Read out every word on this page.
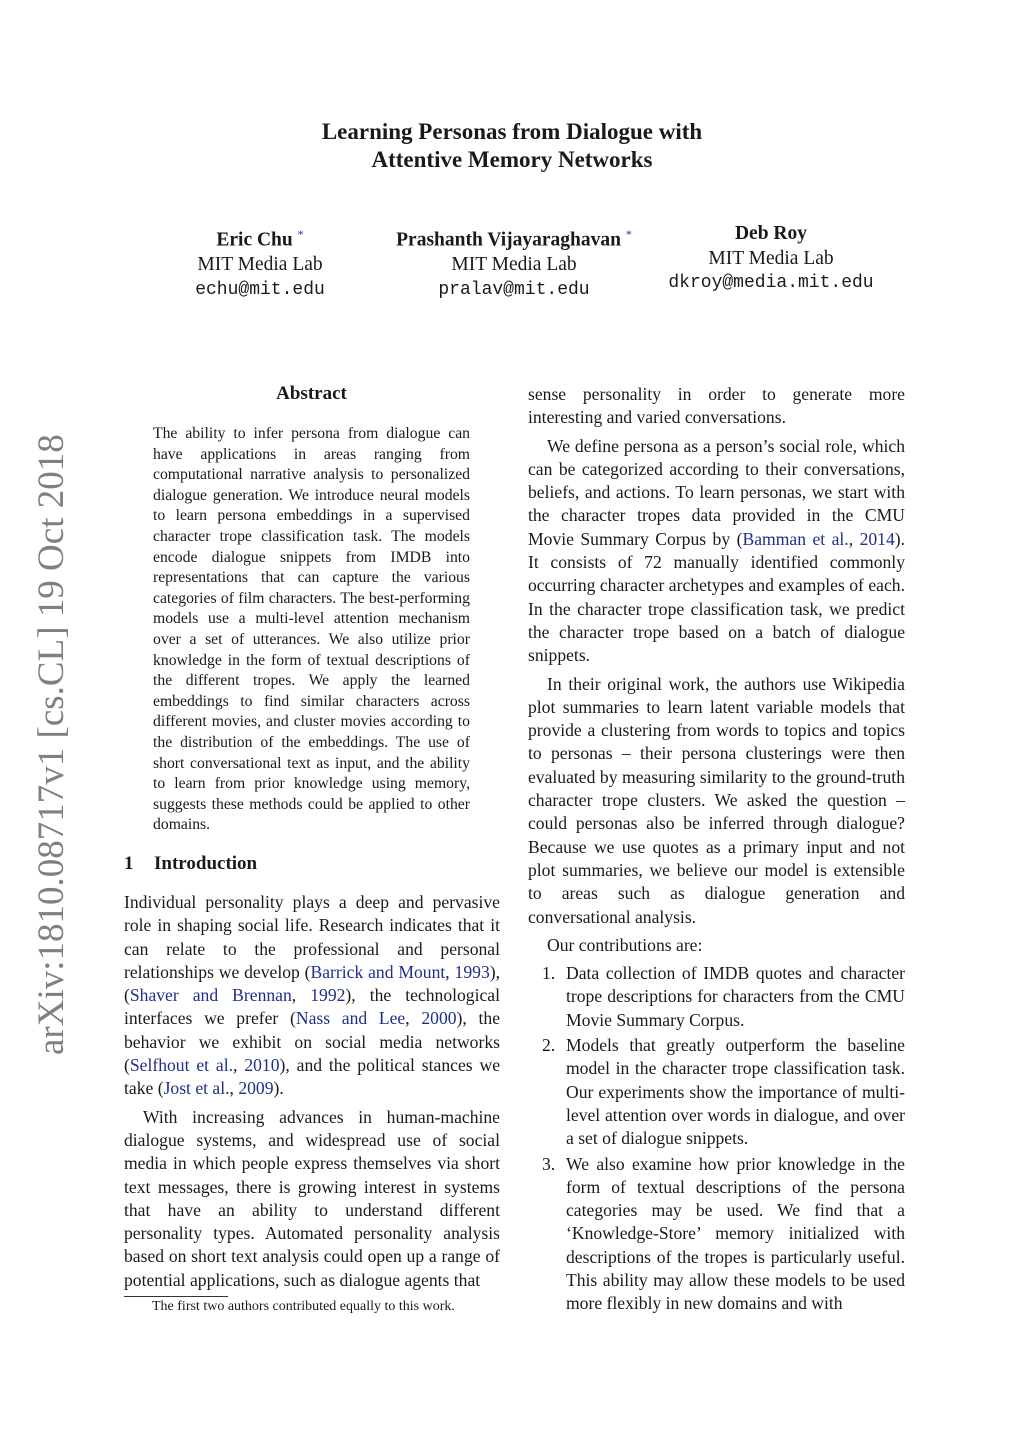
Learning Personas from Dialogue with
Attentive Memory Networks
Eric Chu *
MIT Media Lab
echu@mit.edu
Prashanth Vijayaraghavan *
MIT Media Lab
pralav@mit.edu
Deb Roy
MIT Media Lab
dkroy@media.mit.edu
arXiv:1810.08717v1 [cs.CL] 19 Oct 2018
Abstract
The ability to infer persona from dialogue can have applications in areas ranging from computational narrative analysis to personalized dialogue generation. We introduce neural models to learn persona embeddings in a supervised character trope classification task. The models encode dialogue snippets from IMDB into representations that can capture the various categories of film characters. The best-performing models use a multi-level attention mechanism over a set of utterances. We also utilize prior knowledge in the form of textual descriptions of the different tropes. We apply the learned embeddings to find similar characters across different movies, and cluster movies according to the distribution of the embeddings. The use of short conversational text as input, and the ability to learn from prior knowledge using memory, suggests these methods could be applied to other domains.
1 Introduction

Individual personality plays a deep and pervasive role in shaping social life. Research indicates that it can relate to the professional and personal relationships we develop (Barrick and Mount, 1993), (Shaver and Brennan, 1992), the technological interfaces we prefer (Nass and Lee, 2000), the behavior we exhibit on social media networks (Selfhout et al., 2010), and the political stances we take (Jost et al., 2009).

With increasing advances in human-machine dialogue systems, and widespread use of social media in which people express themselves via short text messages, there is growing interest in systems that have an ability to understand different personality types. Automated personality analysis based on short text analysis could open up a range of potential applications, such as dialogue agents that

The first two authors contributed equally to this work.

sense personality in order to generate more interesting and varied conversations.

We define persona as a person’s social role, which can be categorized according to their conversations, beliefs, and actions. To learn personas, we start with the character tropes data provided in the CMU Movie Summary Corpus by (Bamman et al., 2014). It consists of 72 manually identified commonly occurring character archetypes and examples of each. In the character trope classification task, we predict the character trope based on a batch of dialogue snippets.

In their original work, the authors use Wikipedia plot summaries to learn latent variable models that provide a clustering from words to topics and topics to personas – their persona clusterings were then evaluated by measuring similarity to the ground-truth character trope clusters. We asked the question – could personas also be inferred through dialogue? Because we use quotes as a primary input and not plot summaries, we believe our model is extensible to areas such as dialogue generation and conversational analysis.

Our contributions are:

1. Data collection of IMDB quotes and character trope descriptions for characters from the CMU Movie Summary Corpus.
2. Models that greatly outperform the baseline model in the character trope classification task. Our experiments show the importance of multi-level attention over words in dialogue, and over a set of dialogue snippets.
3. We also examine how prior knowledge in the form of textual descriptions of the persona categories may be used. We find that a ‘Knowledge-Store’ memory initialized with descriptions of the tropes is particularly useful. This ability may allow these models to be used more flexibly in new domains and with
